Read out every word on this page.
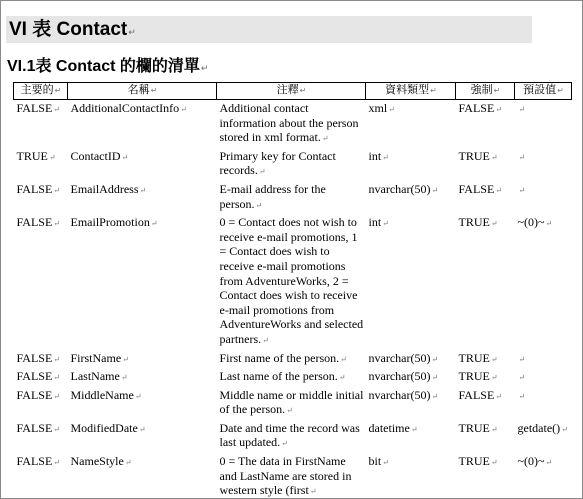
VI 表 Contact↵
VI.1表 Contact 的欄的清單↵
主要的↵	名稱↵	注釋↵	資料類型↵	強制↵	預設值↵
FALSE↵	AdditionalContactInfo↵	Additional contact information about the person stored in xml format.↵	xml↵	FALSE↵	↵
TRUE↵	ContactID↵	Primary key for Contact records.↵	int↵	TRUE↵	↵
FALSE↵	EmailAddress↵	E-mail address for the person.↵	nvarchar(50)↵	FALSE↵	↵
FALSE↵	EmailPromotion↵	0 = Contact does not wish to receive e-mail promotions, 1 = Contact does wish to receive e-mail promotions from AdventureWorks, 2 = Contact does wish to receive e-mail promotions from AdventureWorks and selected partners.↵	int↵	TRUE↵	~(0)~↵
FALSE↵	FirstName↵	First name of the person.↵	nvarchar(50)↵	TRUE↵	↵
FALSE↵	LastName↵	Last name of the person.↵	nvarchar(50)↵	TRUE↵	↵
FALSE↵	MiddleName↵	Middle name or middle initial of the person.↵	nvarchar(50)↵	FALSE↵	↵
FALSE↵	ModifiedDate↵	Date and time the record was last updated.↵	datetime↵	TRUE↵	getdate()↵
FALSE↵	NameStyle↵	0 = The data in FirstName and LastName are stored in western style (first↵	bit↵	TRUE↵	~(0)~↵
